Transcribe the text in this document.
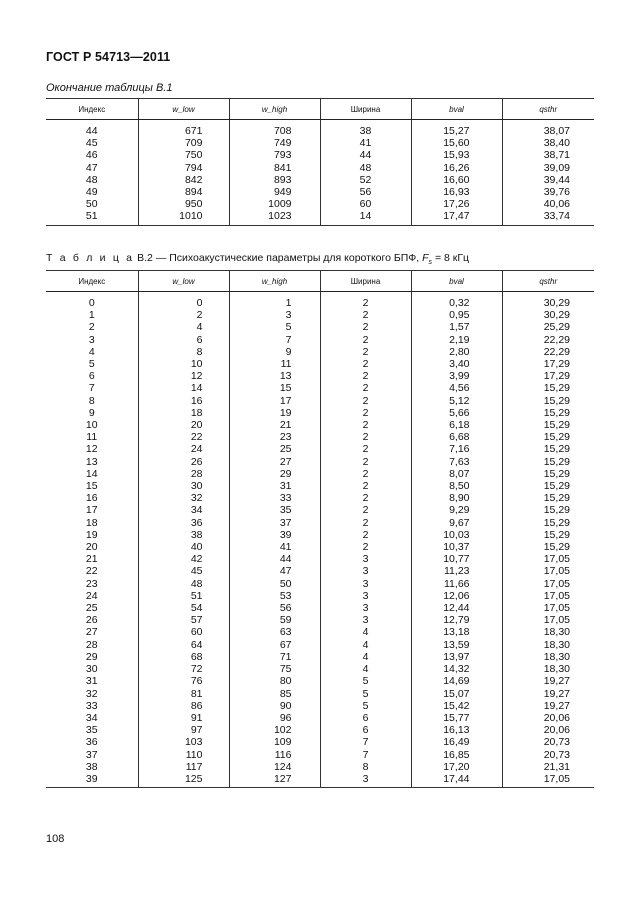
ГОСТ Р 54713—2011
Окончание таблицы В.1
Индекс	w_low	w_high	Ширина	bval	qsthr

44	671	708	38	15,27	38,07
45	709	749	41	15,60	38,40
46	750	793	44	15,93	38,71
47	794	841	48	16,26	39,09
48	842	893	52	16,60	39,44
49	894	949	56	16,93	39,76
50	950	1009	60	17,26	40,06
51	1010	1023	14	17,47	33,74
Т а б л и ц а В.2 — Психоакустические параметры для короткого БПФ, $F_s = 8$ кГц
Индекс	w_low	w_high	Ширина	bval	qsthr

0	0	1	2	0,32	30,29
1	2	3	2	0,95	30,29
2	4	5	2	1,57	25,29
3	6	7	2	2,19	22,29
4	8	9	2	2,80	22,29
5	10	11	2	3,40	17,29
6	12	13	2	3,99	17,29
7	14	15	2	4,56	15,29
8	16	17	2	5,12	15,29
9	18	19	2	5,66	15,29
10	20	21	2	6,18	15,29
11	22	23	2	6,68	15,29
12	24	25	2	7,16	15,29
13	26	27	2	7,63	15,29
14	28	29	2	8,07	15,29
15	30	31	2	8,50	15,29
16	32	33	2	8,90	15,29
17	34	35	2	9,29	15,29
18	36	37	2	9,67	15,29
19	38	39	2	10,03	15,29
20	40	41	2	10,37	15,29
21	42	44	3	10,77	17,05
22	45	47	3	11,23	17,05
23	48	50	3	11,66	17,05
24	51	53	3	12,06	17,05
25	54	56	3	12,44	17,05
26	57	59	3	12,79	17,05
27	60	63	4	13,18	18,30
28	64	67	4	13,59	18,30
29	68	71	4	13,97	18,30
30	72	75	4	14,32	18,30
31	76	80	5	14,69	19,27
32	81	85	5	15,07	19,27
33	86	90	5	15,42	19,27
34	91	96	6	15,77	20,06
35	97	102	6	16,13	20,06
36	103	109	7	16,49	20,73
37	110	116	7	16,85	20,73
38	117	124	8	17,20	21,31
39	125	127	3	17,44	17,05
108
